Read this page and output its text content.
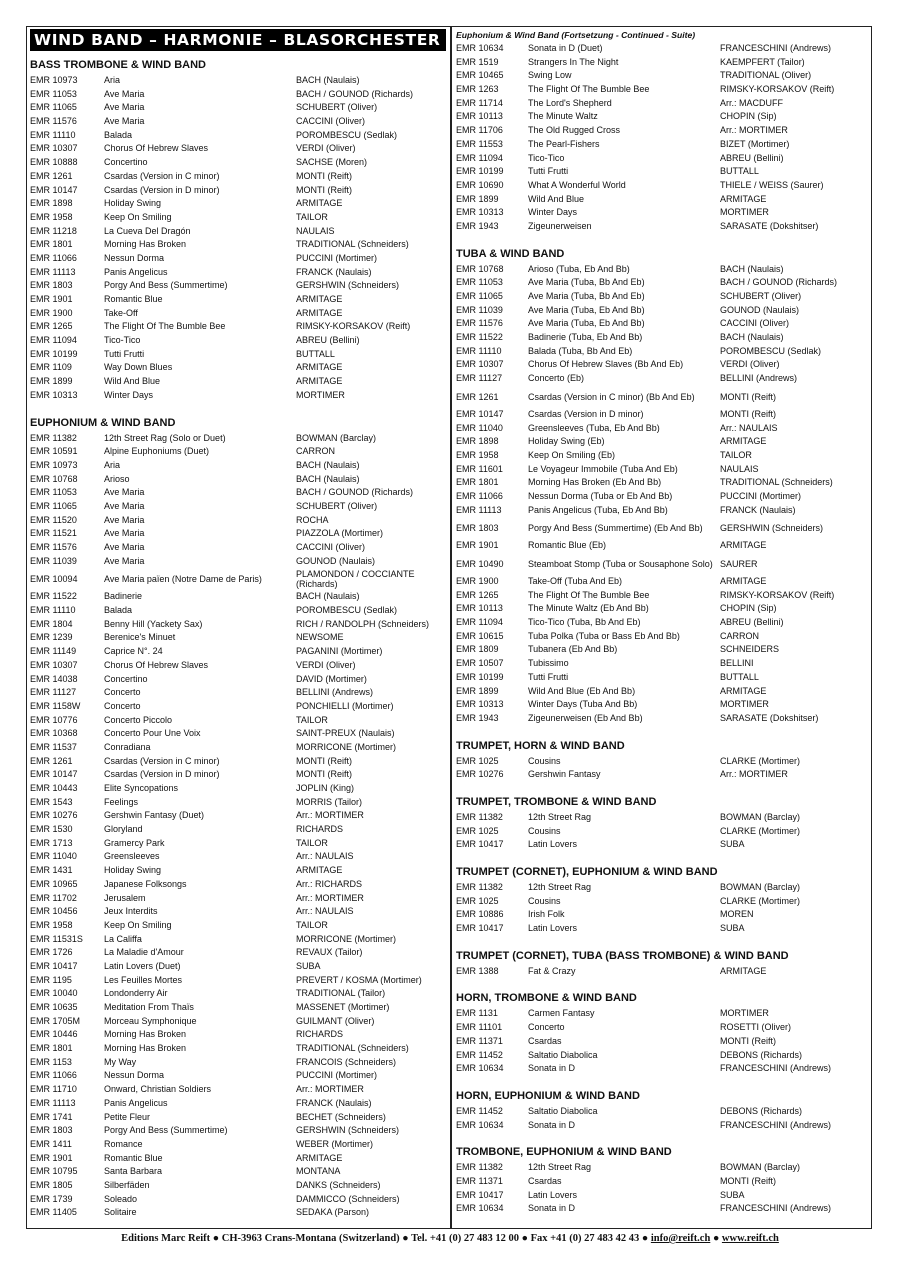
WIND BAND – HARMONIE – BLASORCHESTER
BASS TROMBONE & WIND BAND
EMR 10973	Aria	BACH (Naulais)
EMR 11053	Ave Maria	BACH / GOUNOD (Richards)
EMR 11065	Ave Maria	SCHUBERT (Oliver)
EMR 11576	Ave Maria	CACCINI (Oliver)
EMR 11110	Balada	POROMBESCU (Sedlak)
EMR 10307	Chorus Of Hebrew Slaves	VERDI (Oliver)
EMR 10888	Concertino	SACHSE (Moren)
EMR 1261	Csardas (Version in C minor)	MONTI (Reift)
EMR 10147	Csardas (Version in D minor)	MONTI (Reift)
EMR 1898	Holiday Swing	ARMITAGE
EMR 1958	Keep On Smiling	TAILOR
EMR 11218	La Cueva Del Dragón	NAULAIS
EMR 1801	Morning Has Broken	TRADITIONAL (Schneiders)
EMR 11066	Nessun Dorma	PUCCINI (Mortimer)
EMR 11113	Panis Angelicus	FRANCK (Naulais)
EMR 1803	Porgy And Bess (Summertime)	GERSHWIN (Schneiders)
EMR 1901	Romantic Blue	ARMITAGE
EMR 1900	Take-Off	ARMITAGE
EMR 1265	The Flight Of The Bumble Bee	RIMSKY-KORSAKOV (Reift)
EMR 11094	Tico-Tico	ABREU (Bellini)
EMR 10199	Tutti Frutti	BUTTALL
EMR 1109	Way Down Blues	ARMITAGE
EMR 1899	Wild And Blue	ARMITAGE
EMR 10313	Winter Days	MORTIMER
EUPHONIUM & WIND BAND
EMR 11382	12th Street Rag (Solo or Duet)	BOWMAN (Barclay)
EMR 10591	Alpine Euphoniums (Duet)	CARRON
EMR 10973	Aria	BACH (Naulais)
EMR 10768	Arioso	BACH (Naulais)
EMR 11053	Ave Maria	BACH / GOUNOD (Richards)
EMR 11065	Ave Maria	SCHUBERT (Oliver)
EMR 11520	Ave Maria	ROCHA
EMR 11521	Ave Maria	PIAZZOLA (Mortimer)
EMR 11576	Ave Maria	CACCINI (Oliver)
EMR 11039	Ave Maria	GOUNOD (Naulais)
EMR 10094	Ave Maria païen (Notre Dame de Paris)	PLAMONDON / COCCIANTE (Richards)
EMR 11522	Badinerie	BACH (Naulais)
EMR 11110	Balada	POROMBESCU (Sedlak)
EMR 1804	Benny Hill (Yackety Sax)	RICH / RANDOLPH (Schneiders)
EMR 1239	Berenice's Minuet	NEWSOME
EMR 11149	Caprice N°. 24	PAGANINI (Mortimer)
EMR 10307	Chorus Of Hebrew Slaves	VERDI (Oliver)
EMR 14038	Concertino	DAVID (Mortimer)
EMR 11127	Concerto	BELLINI (Andrews)
EMR 1158W	Concerto	PONCHIELLI (Mortimer)
EMR 10776	Concerto Piccolo	TAILOR
EMR 10368	Concerto Pour Une Voix	SAINT-PREUX (Naulais)
EMR 11537	Conradiana	MORRICONE (Mortimer)
EMR 1261	Csardas (Version in C minor)	MONTI (Reift)
EMR 10147	Csardas (Version in D minor)	MONTI (Reift)
EMR 10443	Elite Syncopations	JOPLIN (King)
EMR 1543	Feelings	MORRIS (Tailor)
EMR 10276	Gershwin Fantasy (Duet)	Arr.: MORTIMER
EMR 1530	Gloryland	RICHARDS
EMR 1713	Gramercy Park	TAILOR
EMR 11040	Greensleeves	Arr.: NAULAIS
EMR 1431	Holiday Swing	ARMITAGE
EMR 10965	Japanese Folksongs	Arr.: RICHARDS
EMR 11702	Jerusalem	Arr.: MORTIMER
EMR 10456	Jeux Interdits	Arr.: NAULAIS
EMR 1958	Keep On Smiling	TAILOR
EMR 11531S	La Califfa	MORRICONE (Mortimer)
EMR 1726	La Maladie d'Amour	REVAUX (Tailor)
EMR 10417	Latin Lovers (Duet)	SUBA
EMR 1195	Les Feuilles Mortes	PREVERT / KOSMA (Mortimer)
EMR 10040	Londonderry Air	TRADITIONAL (Tailor)
EMR 10635	Meditation From Thaïs	MASSENET (Mortimer)
EMR 1705M	Morceau Symphonique	GUILMANT (Oliver)
EMR 10446	Morning Has Broken	RICHARDS
EMR 1801	Morning Has Broken	TRADITIONAL (Schneiders)
EMR 1153	My Way	FRANCOIS (Schneiders)
EMR 11066	Nessun Dorma	PUCCINI (Mortimer)
EMR 11710	Onward, Christian Soldiers	Arr.: MORTIMER
EMR 11113	Panis Angelicus	FRANCK (Naulais)
EMR 1741	Petite Fleur	BECHET (Schneiders)
EMR 1803	Porgy And Bess (Summertime)	GERSHWIN (Schneiders)
EMR 1411	Romance	WEBER (Mortimer)
EMR 1901	Romantic Blue	ARMITAGE
EMR 10795	Santa Barbara	MONTANA
EMR 1805	Silberfäden	DANKS (Schneiders)
EMR 1739	Soleado	DAMMICCO (Schneiders)
EMR 11405	Solitaire	SEDAKA (Parson)
Euphonium & Wind Band (Fortsetzung - Continued - Suite)
EMR 10634	Sonata in D (Duet)	FRANCESCHINI (Andrews)
EMR 1519	Strangers In The Night	KAEMPFERT (Tailor)
EMR 10465	Swing Low	TRADITIONAL (Oliver)
EMR 1263	The Flight Of The Bumble Bee	RIMSKY-KORSAKOV (Reift)
EMR 11714	The Lord's Shepherd	Arr.: MACDUFF
EMR 10113	The Minute Waltz	CHOPIN (Sip)
EMR 11706	The Old Rugged Cross	Arr.: MORTIMER
EMR 11553	The Pearl-Fishers	BIZET (Mortimer)
EMR 11094	Tico-Tico	ABREU (Bellini)
EMR 10199	Tutti Frutti	BUTTALL
EMR 10690	What A Wonderful World	THIELE / WEISS (Saurer)
EMR 1899	Wild And Blue	ARMITAGE
EMR 10313	Winter Days	MORTIMER
EMR 1943	Zigeunerweisen	SARASATE (Dokshitser)
TUBA & WIND BAND
EMR 10768	Arioso (Tuba, Eb And Bb)	BACH (Naulais)
EMR 11053	Ave Maria (Tuba, Bb And Eb)	BACH / GOUNOD (Richards)
EMR 11065	Ave Maria (Tuba, Bb And Eb)	SCHUBERT (Oliver)
EMR 11039	Ave Maria (Tuba, Eb And Bb)	GOUNOD (Naulais)
EMR 11576	Ave Maria (Tuba, Eb And Bb)	CACCINI (Oliver)
EMR 11522	Badinerie (Tuba, Eb And Bb)	BACH (Naulais)
EMR 11110	Balada (Tuba, Bb And Eb)	POROMBESCU (Sedlak)
EMR 10307	Chorus Of Hebrew Slaves (Bb And Eb)	VERDI (Oliver)
EMR 11127	Concerto (Eb)	BELLINI (Andrews)
EMR 1261	Csardas (Version in C minor) (Bb And Eb)	MONTI (Reift)
EMR 10147	Csardas (Version in D minor)	MONTI (Reift)
EMR 11040	Greensleeves (Tuba, Eb And Bb)	Arr.: NAULAIS
EMR 1898	Holiday Swing (Eb)	ARMITAGE
EMR 1958	Keep On Smiling (Eb)	TAILOR
EMR 11601	Le Voyageur Immobile (Tuba And Eb)	NAULAIS
EMR 1801	Morning Has Broken (Eb And Bb)	TRADITIONAL (Schneiders)
EMR 11066	Nessun Dorma (Tuba or Eb And Bb)	PUCCINI (Mortimer)
EMR 11113	Panis Angelicus (Tuba, Eb And Bb)	FRANCK (Naulais)
EMR 1803	Porgy And Bess (Summertime) (Eb And Bb)	GERSHWIN (Schneiders)
EMR 1901	Romantic Blue (Eb)	ARMITAGE
EMR 10490	Steamboat Stomp (Tuba or Sousaphone Solo) SAURER
EMR 1900	Take-Off (Tuba And Eb)	ARMITAGE
EMR 1265	The Flight Of The Bumble Bee	RIMSKY-KORSAKOV (Reift)
EMR 10113	The Minute Waltz (Eb And Bb)	CHOPIN (Sip)
EMR 11094	Tico-Tico (Tuba, Bb And Eb)	ABREU (Bellini)
EMR 10615	Tuba Polka (Tuba or Bass Eb And Bb)	CARRON
EMR 1809	Tubanera (Eb And Bb)	SCHNEIDERS
EMR 10507	Tubissimo	BELLINI
EMR 10199	Tutti Frutti	BUTTALL
EMR 1899	Wild And Blue (Eb And Bb)	ARMITAGE
EMR 10313	Winter Days (Tuba And Bb)	MORTIMER
EMR 1943	Zigeunerweisen (Eb And Bb)	SARASATE (Dokshitser)
TRUMPET, HORN & WIND BAND
EMR 1025	Cousins	CLARKE (Mortimer)
EMR 10276	Gershwin Fantasy	Arr.: MORTIMER
TRUMPET, TROMBONE & WIND BAND
EMR 11382	12th Street Rag	BOWMAN (Barclay)
EMR 1025	Cousins	CLARKE (Mortimer)
EMR 10417	Latin Lovers	SUBA
TRUMPET (CORNET), EUPHONIUM & WIND BAND
EMR 11382	12th Street Rag	BOWMAN (Barclay)
EMR 1025	Cousins	CLARKE (Mortimer)
EMR 10886	Irish Folk	MOREN
EMR 10417	Latin Lovers	SUBA
TRUMPET (CORNET), TUBA (BASS TROMBONE) & WIND BAND
EMR 1388	Fat & Crazy	ARMITAGE
HORN, TROMBONE & WIND BAND
EMR 1131	Carmen Fantasy	MORTIMER
EMR 11101	Concerto	ROSETTI (Oliver)
EMR 11371	Csardas	MONTI (Reift)
EMR 11452	Saltatio Diabolica	DEBONS (Richards)
EMR 10634	Sonata in D	FRANCESCHINI (Andrews)
HORN, EUPHONIUM & WIND BAND
EMR 11452	Saltatio Diabolica	DEBONS (Richards)
EMR 10634	Sonata in D	FRANCESCHINI (Andrews)
TROMBONE, EUPHONIUM & WIND BAND
EMR 11382	12th Street Rag	BOWMAN (Barclay)
EMR 11371	Csardas	MONTI (Reift)
EMR 10417	Latin Lovers	SUBA
EMR 10634	Sonata in D	FRANCESCHINI (Andrews)
Editions Marc Reift ● CH-3963 Crans-Montana (Switzerland) ● Tel. +41 (0) 27 483 12 00 ● Fax +41 (0) 27 483 42 43 ● info@reift.ch ● www.reift.ch
